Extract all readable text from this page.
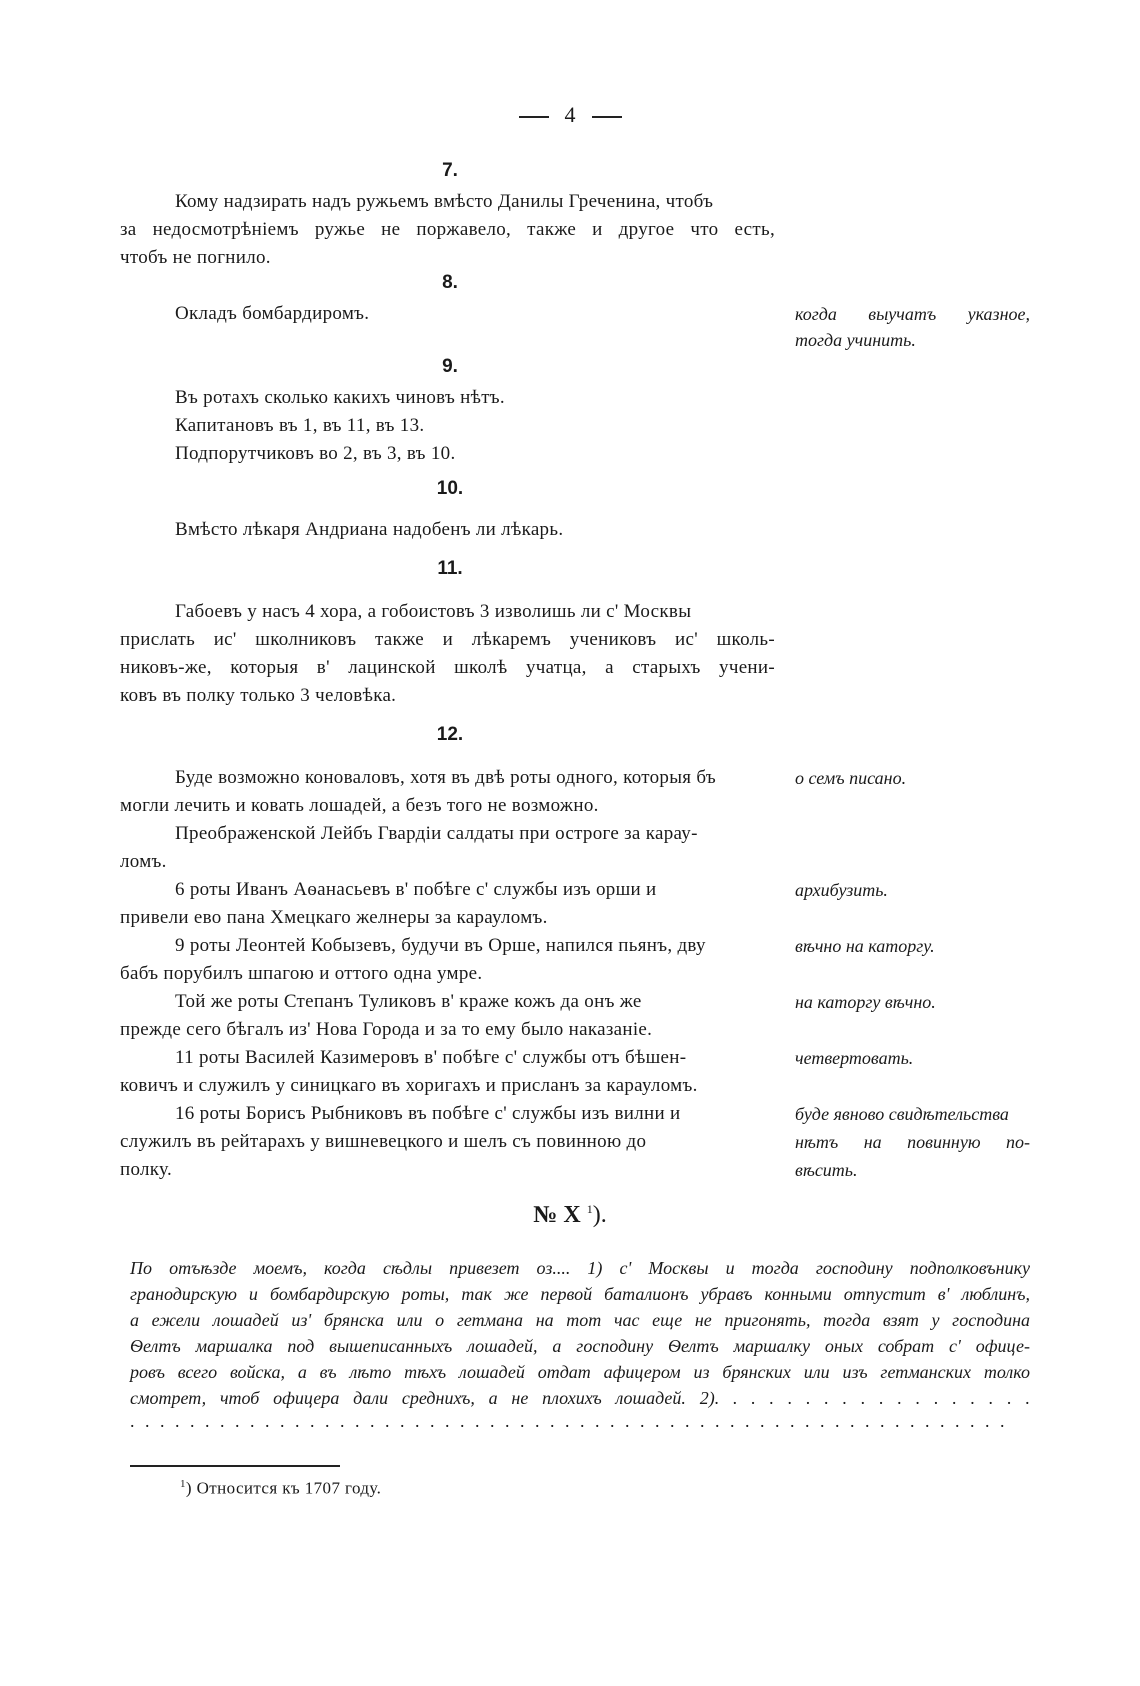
4
7.
Кому надзирать надъ ружьемъ вмѣсто Данилы Греченина, чтобъ
за недосмотрѣніемъ ружье не поржавело, также и другое что есть,
чтобъ не погнило.
8.
Окладъ бомбардиромъ.	когда выучатъ указное,
тогда учинить.
9.
Въ ротахъ сколько какихъ чиновъ нѣтъ.
Капитановъ въ 1, въ 11, въ 13.
Подпорутчиковъ во 2, въ 3, въ 10.
10.
Вмѣсто лѣкаря Андриана надобенъ ли лѣкарь.
11.
Габоевъ у насъ 4 хора, а гобоистовъ 3 изволишь ли с' Москвы
прислать ис' школниковъ также и лѣкаремъ учениковъ ис' школь-
никовъ-же, которыя в' лацинской школѣ учатца, а старыхъ учени-
ковъ въ полку только 3 человѣка.
12.
Буде возможно коноваловъ, хотя въ двѣ роты одного, которыя бъ
могли лечить и ковать лошадей, а безъ того не возможно.
о семъ писано.
Преображенской Лейбъ Гвардіи салдаты при остроге за карау-
ломъ.
6 роты Иванъ Аѳанасьевъ в' побѣге с' службы изъ орши и
привели ево пана Хмецкаго желнеры за карауломъ.
архибузить.
9 роты Леонтей Кобызевъ, будучи въ Орше, напился пьянъ, дву
бабъ порубилъ шпагою и оттого одна умре.
вѣчно на каторгу.
Той же роты Степанъ Туликовъ в' краже кожъ да онъ же
прежде сего бѣгалъ из' Нова Города и за то ему было наказаніе.
на каторгу вѣчно.
11 роты Василей Казимеровъ в' побѣге с' службы отъ бѣшен-
ковичъ и служилъ у синицкаго въ хоригахъ и присланъ за карауломъ.
четвертовать.
16 роты Борисъ Рыбниковъ въ побѣге с' службы изъ вилни и
служилъ въ рейтарахъ у вишневецкого и шелъ съ повинною до
полку.
буде явново свидѣтельства
нѣтъ на повинную по-
вѣсить.
№ X $^1$).
По отъѣзде моемъ, когда сѣдлы привезет оз.... 1) с' Москвы и тогда господину подполковънику
гранодирскую и бомбардирскую роты, так же первой баталионъ убравъ конными отпустит в' люблинъ,
а ежели лошадей из' брянска или о гетмана на тот час еще не пригонять, тогда взят у господина
Ѳелтъ маршалка под вышеписанныхъ лошадей, а господину Ѳелтъ маршалку оных собрат с' офице-
ровъ всего войска, а въ лѣто тѣхъ лошадей отдат афицером из брянских или изъ гетманских толко
смотрет, чтоб офицера дали среднихъ, а не плохихъ лошадей. 2). . . . . . . . . . . . . . . . . .
. . . . . . . . . . . . . . . . . . . . . . . . . . . . . . . . . . . . . . . . . . . . . . . . . . . . . . . . . . .
$^1$) Относится къ 1707 году.
